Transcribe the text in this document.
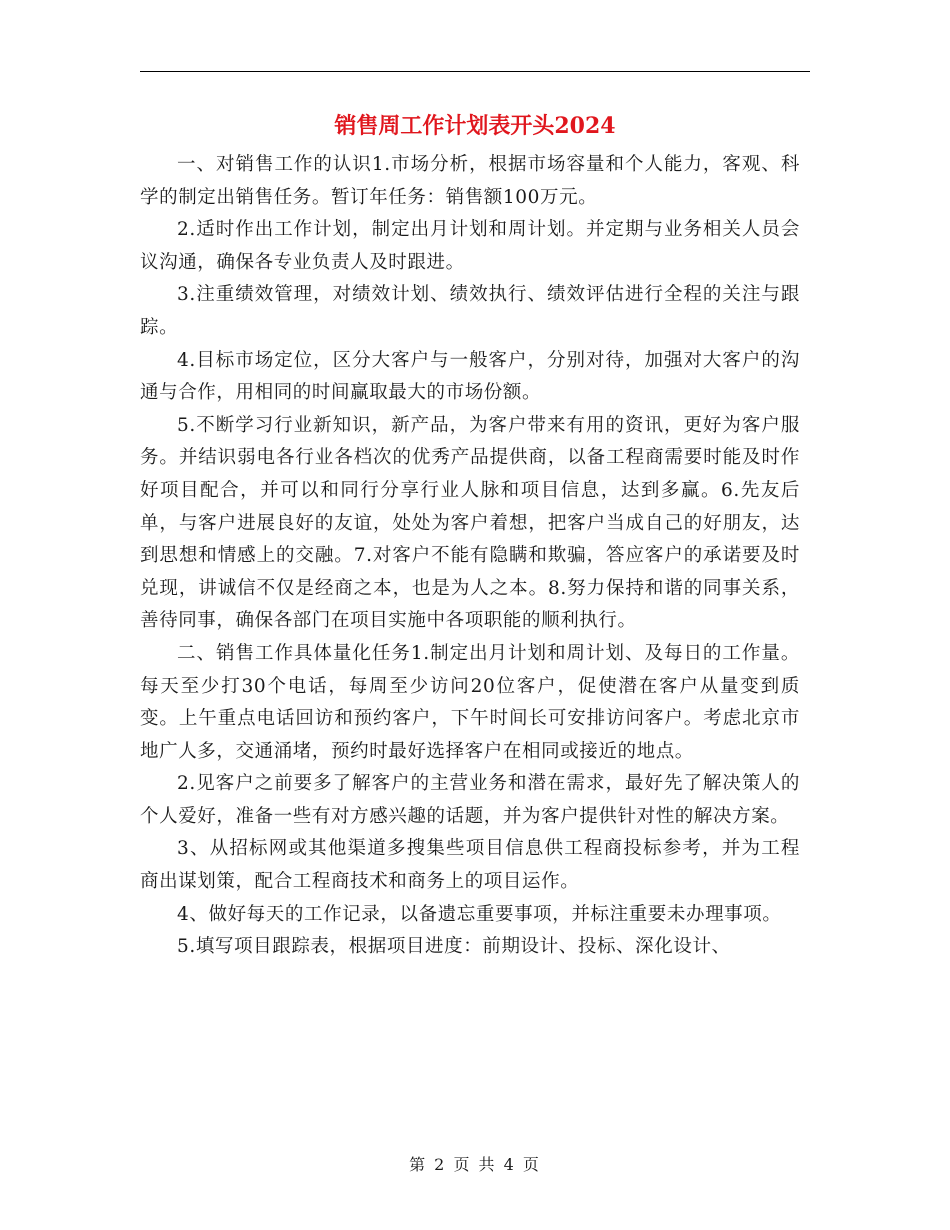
销售周工作计划表开头2024

一、对销售工作的认识1.市场分析，根据市场容量和个人能力，客观、科学的制定出销售任务。暂订年任务：销售额100万元。

2.适时作出工作计划，制定出月计划和周计划。并定期与业务相关人员会议沟通，确保各专业负责人及时跟进。

3.注重绩效管理，对绩效计划、绩效执行、绩效评估进行全程的关注与跟踪。

4.目标市场定位，区分大客户与一般客户，分别对待，加强对大客户的沟通与合作，用相同的时间赢取最大的市场份额。

5.不断学习行业新知识，新产品，为客户带来有用的资讯，更好为客户服务。并结识弱电各行业各档次的优秀产品提供商，以备工程商需要时能及时作好项目配合，并可以和同行分享行业人脉和项目信息，达到多赢。6.先友后单，与客户进展良好的友谊，处处为客户着想，把客户当成自己的好朋友，达到思想和情感上的交融。7.对客户不能有隐瞒和欺骗，答应客户的承诺要及时兑现，讲诚信不仅是经商之本，也是为人之本。8.努力保持和谐的同事关系，善待同事，确保各部门在项目实施中各项职能的顺利执行。

二、销售工作具体量化任务1.制定出月计划和周计划、及每日的工作量。每天至少打30个电话，每周至少访问20位客户，促使潜在客户从量变到质变。上午重点电话回访和预约客户，下午时间长可安排访问客户。考虑北京市地广人多，交通涌堵，预约时最好选择客户在相同或接近的地点。

2.见客户之前要多了解客户的主营业务和潜在需求，最好先了解决策人的个人爱好，准备一些有对方感兴趣的话题，并为客户提供针对性的解决方案。

3、从招标网或其他渠道多搜集些项目信息供工程商投标参考，并为工程商出谋划策，配合工程商技术和商务上的项目运作。

4、做好每天的工作记录，以备遗忘重要事项，并标注重要未办理事项。

5.填写项目跟踪表，根据项目进度：前期设计、投标、深化设计、

第 2 页 共 4 页
